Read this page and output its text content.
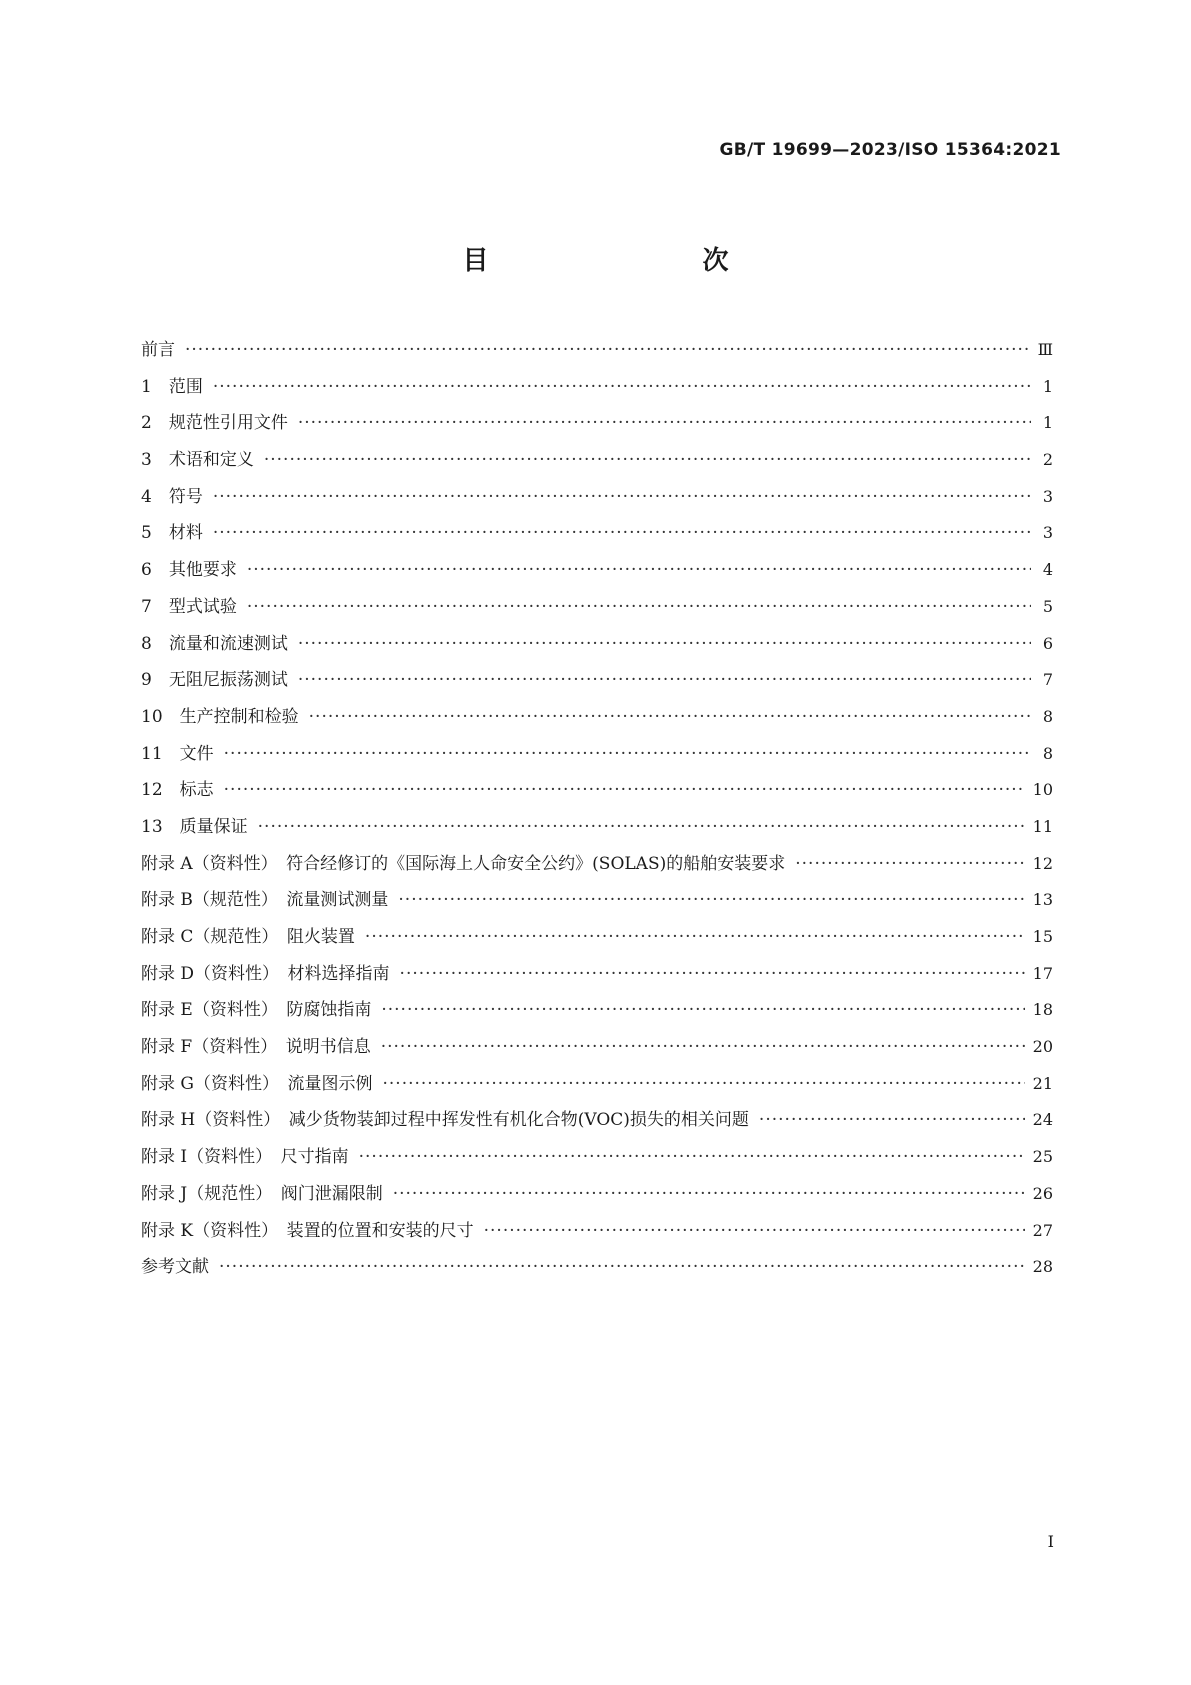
GB/T 19699—2023/ISO 15364:2021
目　　次
前言 ·····	Ⅲ
1　范围 ·····	1
2　规范性引用文件 ·····	1
3　术语和定义 ·····	2
4　符号 ·····	3
5　材料 ·····	3
6　其他要求 ·····	4
7　型式试验 ·····	5
8　流量和流速测试 ·····	6
9　无阻尼振荡测试 ·····	7
10　生产控制和检验 ·····	8
11　文件 ·····	8
12　标志 ·····	10
13　质量保证 ·····	11
附录 A（资料性）　符合经修订的《国际海上人命安全公约》(SOLAS)的船舶安装要求 ·····	12
附录 B（规范性）　流量测试测量 ·····	13
附录 C（规范性）　阻火装置 ·····	15
附录 D（资料性）　材料选择指南 ·····	17
附录 E（资料性）　防腐蚀指南 ·····	18
附录 F（资料性）　说明书信息 ·····	20
附录 G（资料性）　流量图示例 ·····	21
附录 H（资料性）　减少货物装卸过程中挥发性有机化合物(VOC)损失的相关问题 ·····	24
附录 I（资料性）　尺寸指南 ·····	25
附录 J（规范性）　阀门泄漏限制 ·····	26
附录 K（资料性）　装置的位置和安装的尺寸 ·····	27
参考文献 ·····	28
Ⅰ
